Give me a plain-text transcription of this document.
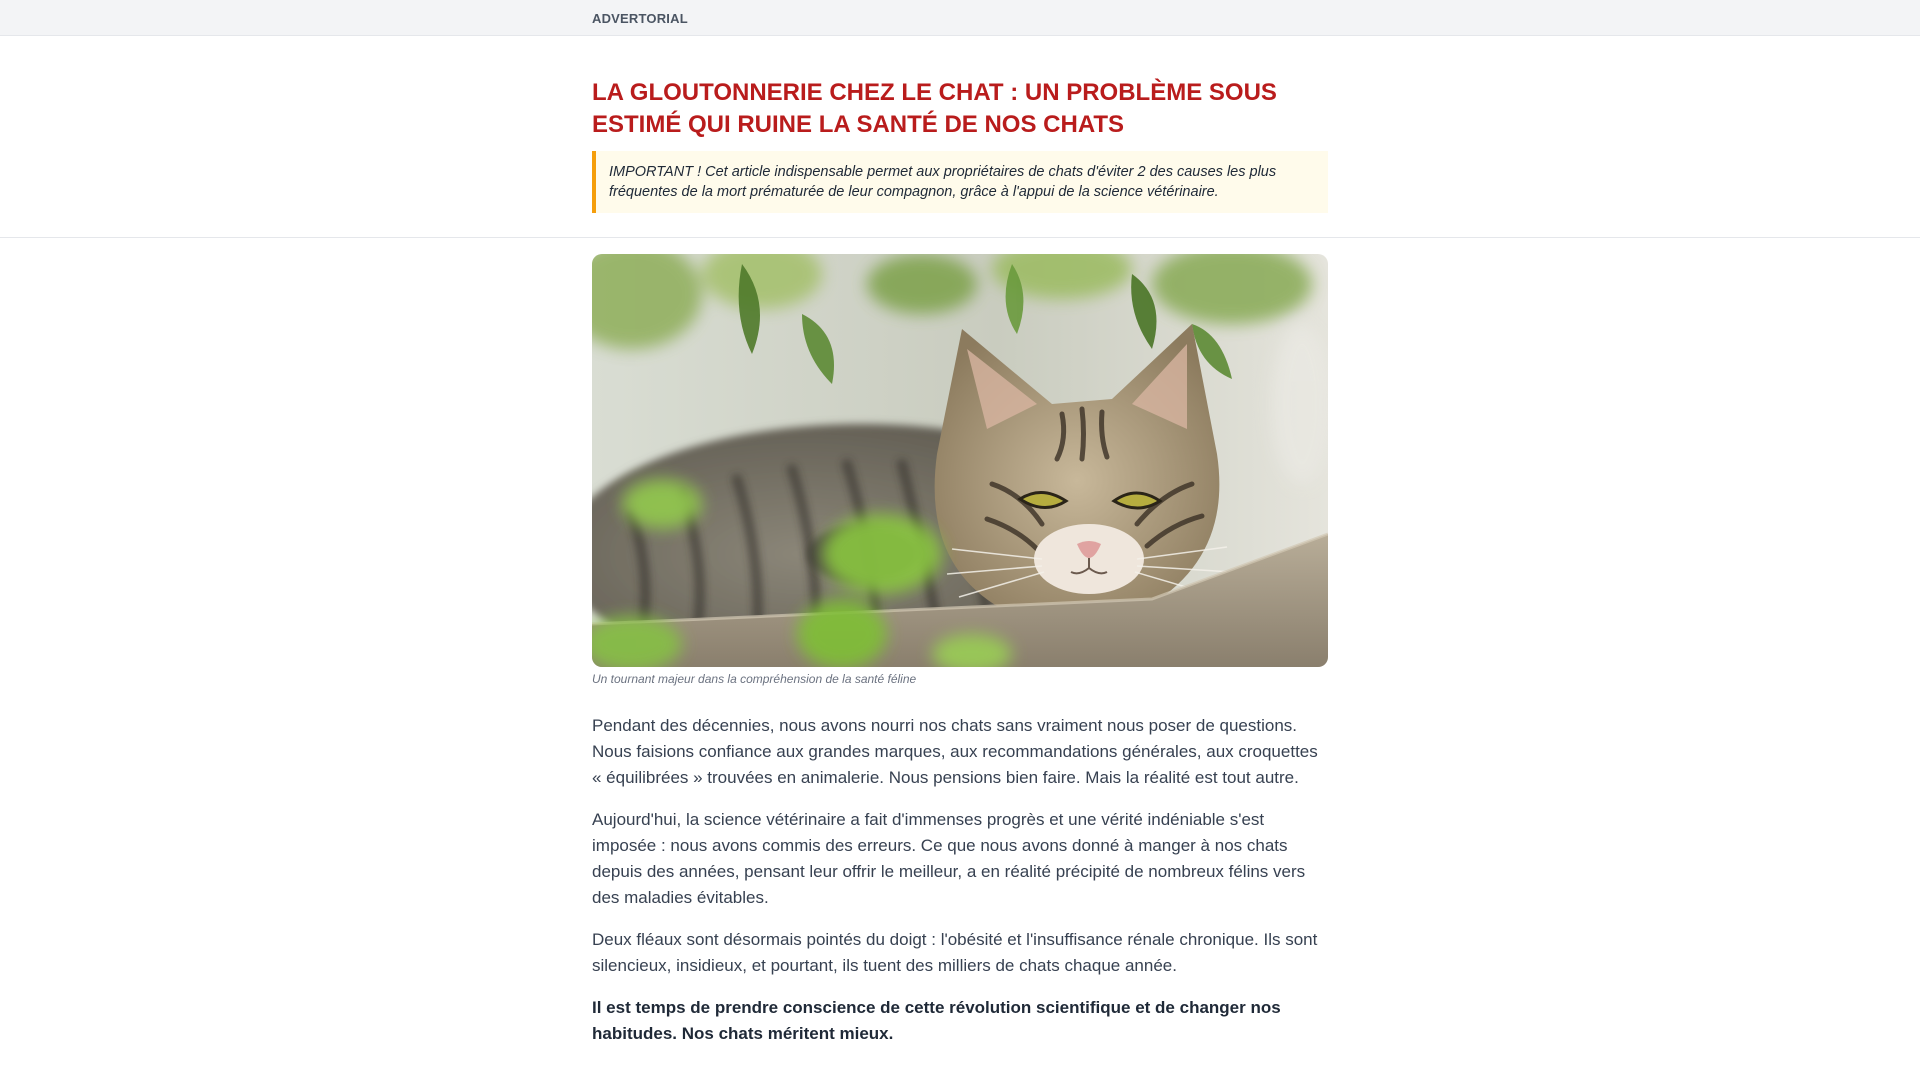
ADVERTORIAL
LA GLOUTONNERIE CHEZ LE CHAT : UN PROBLÈME SOUS ESTIMÉ QUI RUINE LA SANTÉ DE NOS CHATS
IMPORTANT ! Cet article indispensable permet aux propriétaires de chats d'éviter 2 des causes les plus fréquentes de la mort prématurée de leur compagnon, grâce à l'appui de la science vétérinaire.
Un tournant majeur dans la compréhension de la santé féline

Pendant des décennies, nous avons nourri nos chats sans vraiment nous poser de questions. Nous faisions confiance aux grandes marques, aux recommandations générales, aux croquettes « équilibrées » trouvées en animalerie. Nous pensions bien faire. Mais la réalité est tout autre.

Aujourd'hui, la science vétérinaire a fait d'immenses progrès et une vérité indéniable s'est imposée : nous avons commis des erreurs. Ce que nous avons donné à manger à nos chats depuis des années, pensant leur offrir le meilleur, a en réalité précipité de nombreux félins vers des maladies évitables.

Deux fléaux sont désormais pointés du doigt : l'obésité et l'insuffisance rénale chronique. Ils sont silencieux, insidieux, et pourtant, ils tuent des milliers de chats chaque année.

Il est temps de prendre conscience de cette révolution scientifique et de changer nos habitudes. Nos chats méritent mieux.
